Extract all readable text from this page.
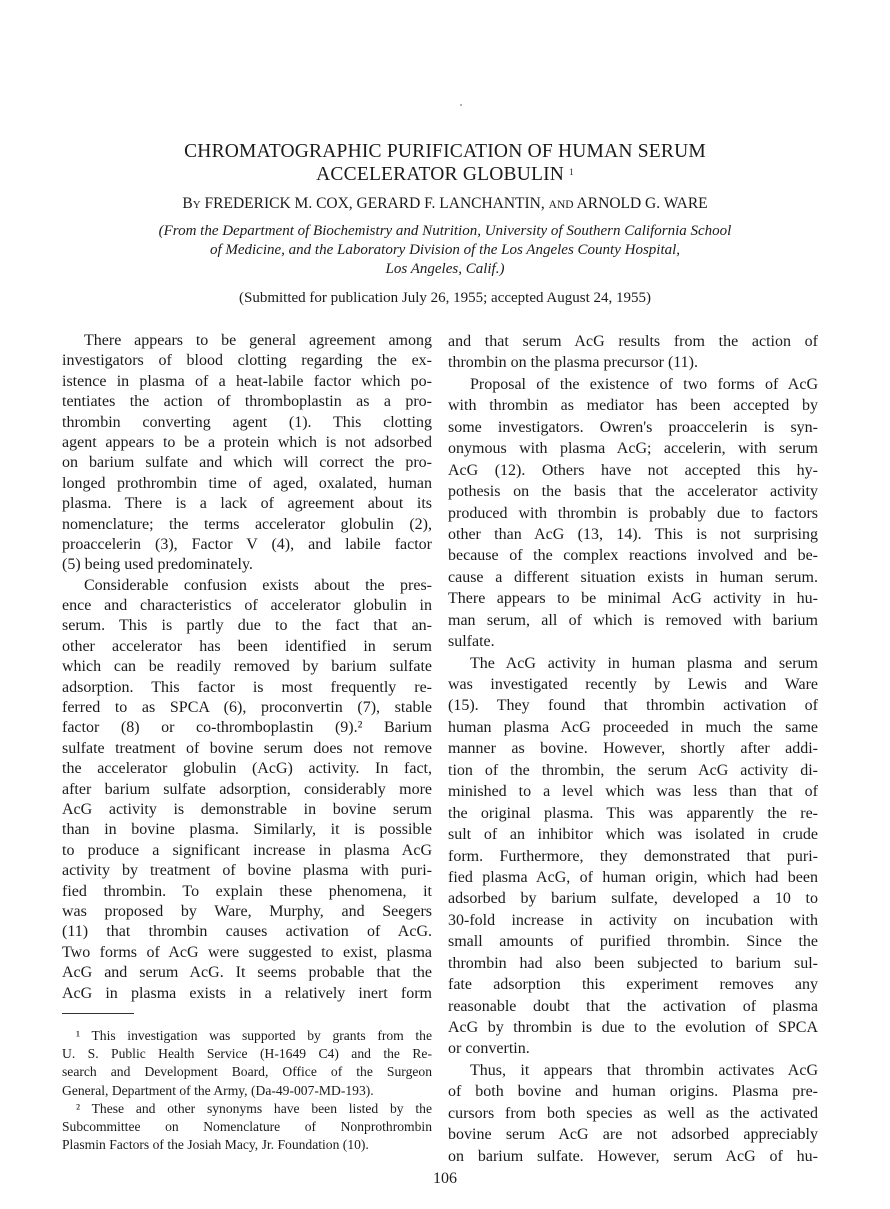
CHROMATOGRAPHIC PURIFICATION OF HUMAN SERUM
ACCELERATOR GLOBULIN $^1$
By FREDERICK M. COX, GERARD F. LANCHANTIN, AND ARNOLD G. WARE
(From the Department of Biochemistry and Nutrition, University of Southern California School
of Medicine, and the Laboratory Division of the Los Angeles County Hospital,
Los Angeles, Calif.)
(Submitted for publication July 26, 1955; accepted August 24, 1955)
There appears to be general agreement among
investigators of blood clotting regarding the ex-
istence in plasma of a heat-labile factor which po-
tentiates the action of thromboplastin as a pro-
thrombin converting agent (1). This clotting
agent appears to be a protein which is not adsorbed
on barium sulfate and which will correct the pro-
longed prothrombin time of aged, oxalated, human
plasma. There is a lack of agreement about its
nomenclature; the terms accelerator globulin (2),
proaccelerin (3), Factor V (4), and labile factor
(5) being used predominately.
Considerable confusion exists about the pres-
ence and characteristics of accelerator globulin in
serum. This is partly due to the fact that an-
other accelerator has been identified in serum
which can be readily removed by barium sulfate
adsorption. This factor is most frequently re-
ferred to as SPCA (6), proconvertin (7), stable
factor (8) or co-thromboplastin (9).² Barium
sulfate treatment of bovine serum does not remove
the accelerator globulin (AcG) activity. In fact,
after barium sulfate adsorption, considerably more
AcG activity is demonstrable in bovine serum
than in bovine plasma. Similarly, it is possible
to produce a significant increase in plasma AcG
activity by treatment of bovine plasma with puri-
fied thrombin. To explain these phenomena, it
was proposed by Ware, Murphy, and Seegers
(11) that thrombin causes activation of AcG.
Two forms of AcG were suggested to exist, plasma
AcG and serum AcG. It seems probable that the
AcG in plasma exists in a relatively inert form
and that serum AcG results from the action of
thrombin on the plasma precursor (11).
Proposal of the existence of two forms of AcG
with thrombin as mediator has been accepted by
some investigators. Owren's proaccelerin is syn-
onymous with plasma AcG; accelerin, with serum
AcG (12). Others have not accepted this hy-
pothesis on the basis that the accelerator activity
produced with thrombin is probably due to factors
other than AcG (13, 14). This is not surprising
because of the complex reactions involved and be-
cause a different situation exists in human serum.
There appears to be minimal AcG activity in hu-
man serum, all of which is removed with barium
sulfate.
The AcG activity in human plasma and serum
was investigated recently by Lewis and Ware
(15). They found that thrombin activation of
human plasma AcG proceeded in much the same
manner as bovine. However, shortly after addi-
tion of the thrombin, the serum AcG activity di-
minished to a level which was less than that of
the original plasma. This was apparently the re-
sult of an inhibitor which was isolated in crude
form. Furthermore, they demonstrated that puri-
fied plasma AcG, of human origin, which had been
adsorbed by barium sulfate, developed a 10 to
30-fold increase in activity on incubation with
small amounts of purified thrombin. Since the
thrombin had also been subjected to barium sul-
fate adsorption this experiment removes any
reasonable doubt that the activation of plasma
AcG by thrombin is due to the evolution of SPCA
or convertin.
Thus, it appears that thrombin activates AcG
of both bovine and human origins. Plasma pre-
cursors from both species as well as the activated
bovine serum AcG are not adsorbed appreciably
on barium sulfate. However, serum AcG of hu-
¹ This investigation was supported by grants from the
U. S. Public Health Service (H-1649 C4) and the Re-
search and Development Board, Office of the Surgeon
General, Department of the Army, (Da-49-007-MD-193).
² These and other synonyms have been listed by the
Subcommittee on Nomenclature of Nonprothrombin
Plasmin Factors of the Josiah Macy, Jr. Foundation (10).
106
